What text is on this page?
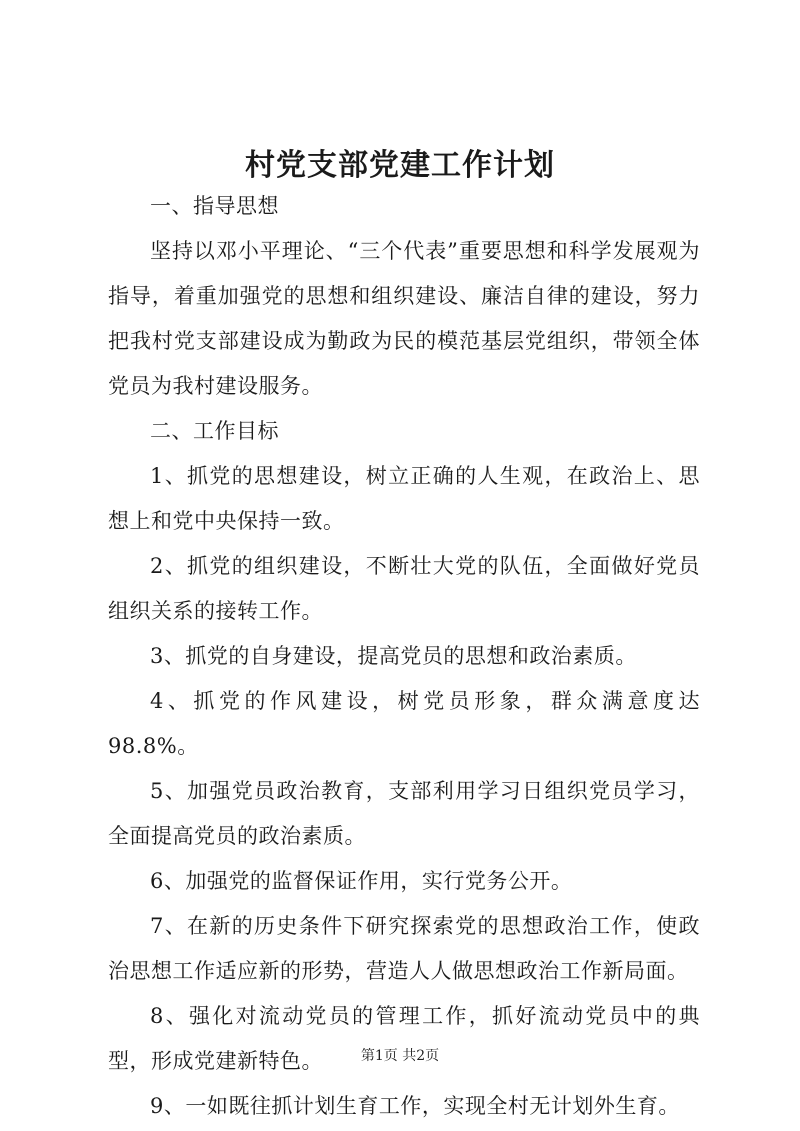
村党支部党建工作计划

一、指导思想

坚持以邓小平理论、“三个代表”重要思想和科学发展观为指导，着重加强党的思想和组织建设、廉洁自律的建设，努力把我村党支部建设成为勤政为民的模范基层党组织，带领全体党员为我村建设服务。

二、工作目标

1、抓党的思想建设，树立正确的人生观，在政治上、思想上和党中央保持一致。

2、抓党的组织建设，不断壮大党的队伍，全面做好党员组织关系的接转工作。

3、抓党的自身建设，提高党员的思想和政治素质。

4、抓党的作风建设，树党员形象，群众满意度达98.8%。

5、加强党员政治教育，支部利用学习日组织党员学习，全面提高党员的政治素质。

6、加强党的监督保证作用，实行党务公开。

7、在新的历史条件下研究探索党的思想政治工作，使政治思想工作适应新的形势，营造人人做思想政治工作新局面。

8、强化对流动党员的管理工作，抓好流动党员中的典型，形成党建新特色。

9、一如既往抓计划生育工作，实现全村无计划外生育。

第1页 共2页
